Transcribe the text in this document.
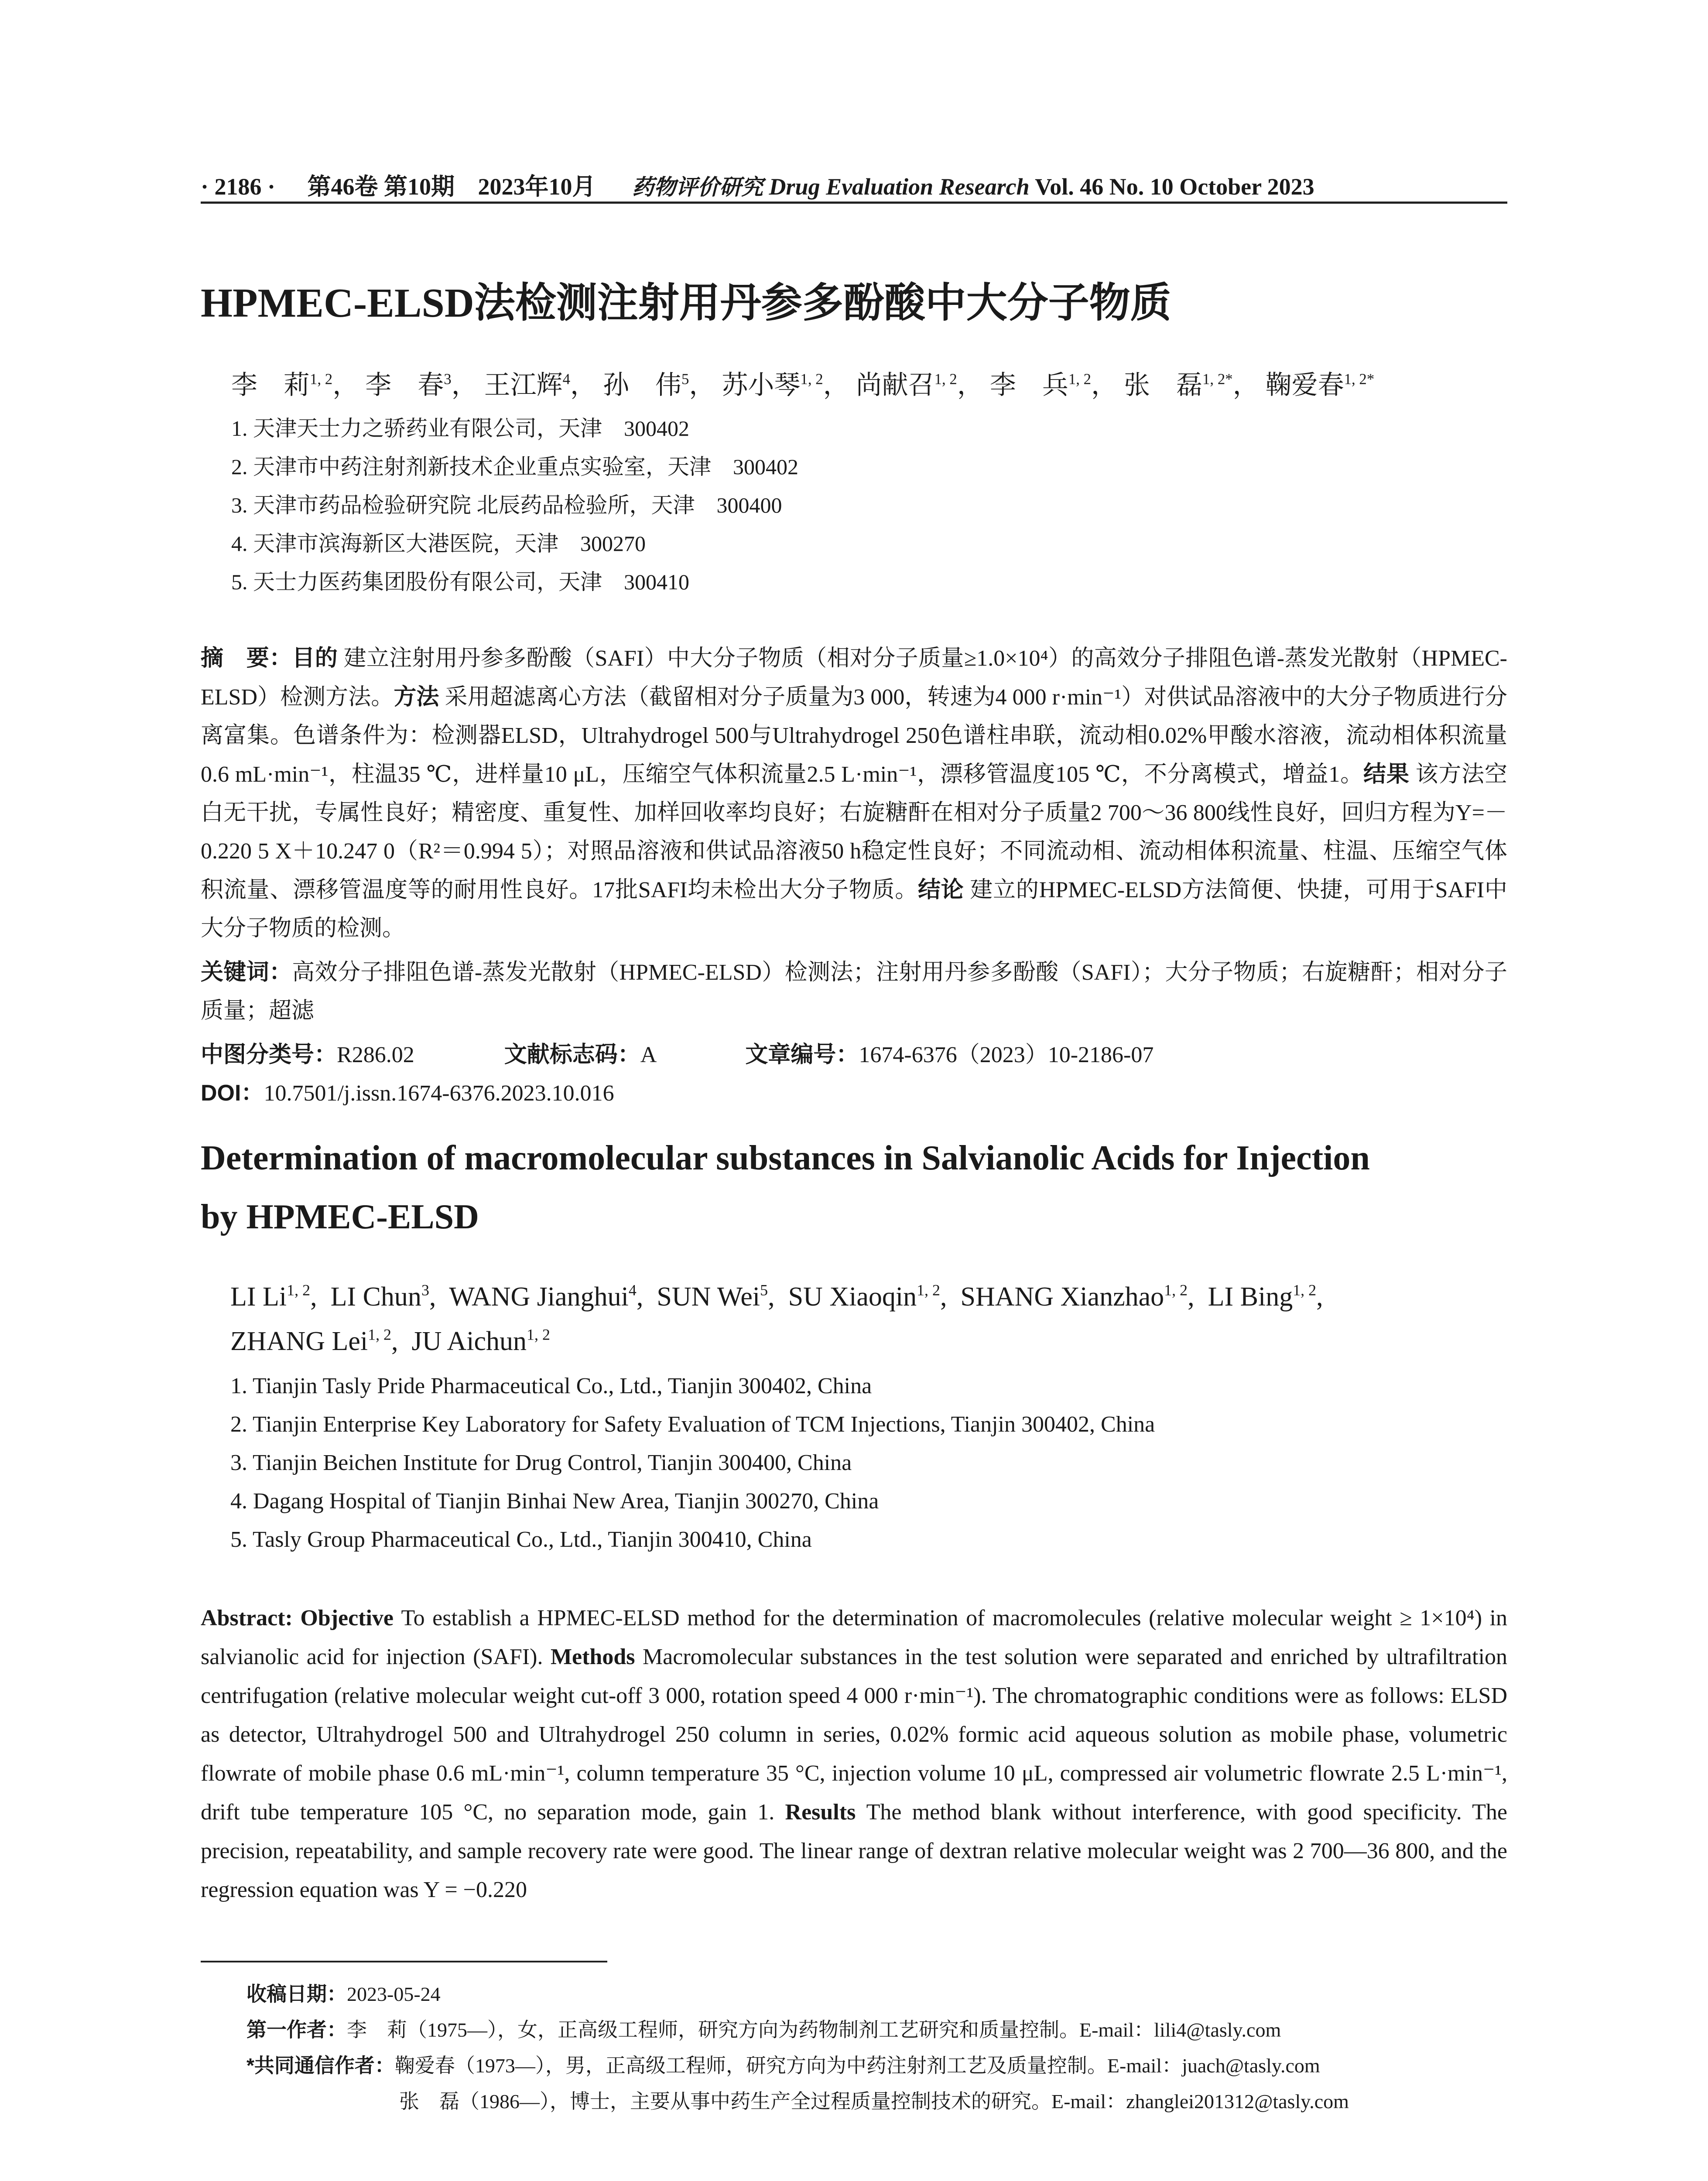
· 2186 · 第46卷 第10期 2023年10月 药物评价研究 Drug Evaluation Research Vol. 46 No. 10 October 2023
HPMEC-ELSD法检测注射用丹参多酚酸中大分子物质
李　莉$^{1, 2}$， 李　春$^3$， 王江辉$^4$， 孙　伟$^5$， 苏小琴$^{1, 2}$， 尚献召$^{1, 2}$， 李　兵$^{1, 2}$， 张　磊$^{1, 2*}$， 鞠爱春$^{1, 2*}$
1. 天津天士力之骄药业有限公司，天津　300402
2. 天津市中药注射剂新技术企业重点实验室，天津　300402
3. 天津市药品检验研究院 北辰药品检验所，天津　300400
4. 天津市滨海新区大港医院，天津　300270
5. 天士力医药集团股份有限公司，天津　300410
摘　要：目的 建立注射用丹参多酚酸（SAFI）中大分子物质（相对分子质量≥1.0×10⁴）的高效分子排阻色谱-蒸发光散射（HPMEC-ELSD）检测方法。方法 采用超滤离心方法（截留相对分子质量为3 000，转速为4 000 r·min⁻¹）对供试品溶液中的大分子物质进行分离富集。色谱条件为：检测器ELSD，Ultrahydrogel 500与Ultrahydrogel 250色谱柱串联，流动相0.02%甲酸水溶液，流动相体积流量0.6 mL·min⁻¹，柱温35 ℃，进样量10 μL，压缩空气体积流量2.5 L·min⁻¹，漂移管温度105 ℃，不分离模式，增益1。结果 该方法空白无干扰，专属性良好；精密度、重复性、加样回收率均良好；右旋糖酐在相对分子质量2 700～36 800线性良好，回归方程为Y=－0.220 5 X＋10.247 0（R²＝0.994 5）；对照品溶液和供试品溶液50 h稳定性良好；不同流动相、流动相体积流量、柱温、压缩空气体积流量、漂移管温度等的耐用性良好。17批SAFI均未检出大分子物质。结论 建立的HPMEC-ELSD方法简便、快捷，可用于SAFI中大分子物质的检测。
关键词：高效分子排阻色谱-蒸发光散射（HPMEC-ELSD）检测法；注射用丹参多酚酸（SAFI）；大分子物质；右旋糖酐；相对分子质量；超滤
中图分类号：R286.02	文献标志码：A	文章编号：1674-6376（2023）10-2186-07
DOI：10.7501/j.issn.1674-6376.2023.10.016
Determination of macromolecular substances in Salvianolic Acids for Injection
by HPMEC-ELSD
LI Li$^{1, 2}$,  LI Chun$^3$,  WANG Jianghui$^4$,  SUN Wei$^5$,  SU Xiaoqin$^{1, 2}$,  SHANG Xianzhao$^{1, 2}$,  LI Bing$^{1, 2}$,
ZHANG Lei$^{1, 2}$,  JU Aichun$^{1, 2}$
1. Tianjin Tasly Pride Pharmaceutical Co., Ltd., Tianjin 300402, China
2. Tianjin Enterprise Key Laboratory for Safety Evaluation of TCM Injections, Tianjin 300402, China
3. Tianjin Beichen Institute for Drug Control, Tianjin 300400, China
4. Dagang Hospital of Tianjin Binhai New Area, Tianjin 300270, China
5. Tasly Group Pharmaceutical Co., Ltd., Tianjin 300410, China
Abstract: Objective To establish a HPMEC-ELSD method for the determination of macromolecules (relative molecular weight ≥ 1×10⁴) in salvianolic acid for injection (SAFI). Methods Macromolecular substances in the test solution were separated and enriched by ultrafiltration centrifugation (relative molecular weight cut-off 3 000, rotation speed 4 000 r·min⁻¹). The chromatographic conditions were as follows: ELSD as detector, Ultrahydrogel 500 and Ultrahydrogel 250 column in series, 0.02% formic acid aqueous solution as mobile phase, volumetric flowrate of mobile phase 0.6 mL·min⁻¹, column temperature 35 °C, injection volume 10 μL, compressed air volumetric flowrate 2.5 L·min⁻¹, drift tube temperature 105 °C, no separation mode, gain 1. Results The method blank without interference, with good specificity. The precision, repeatability, and sample recovery rate were good. The linear range of dextran relative molecular weight was 2 700—36 800, and the regression equation was Y = −0.220
收稿日期：2023-05-24
第一作者：李　莉（1975—），女，正高级工程师，研究方向为药物制剂工艺研究和质量控制。E-mail：lili4@tasly.com
*共同通信作者：鞠爱春（1973—），男，正高级工程师，研究方向为中药注射剂工艺及质量控制。E-mail：juach@tasly.com
张　磊（1986—），博士，主要从事中药生产全过程质量控制技术的研究。E-mail：zhanglei201312@tasly.com
